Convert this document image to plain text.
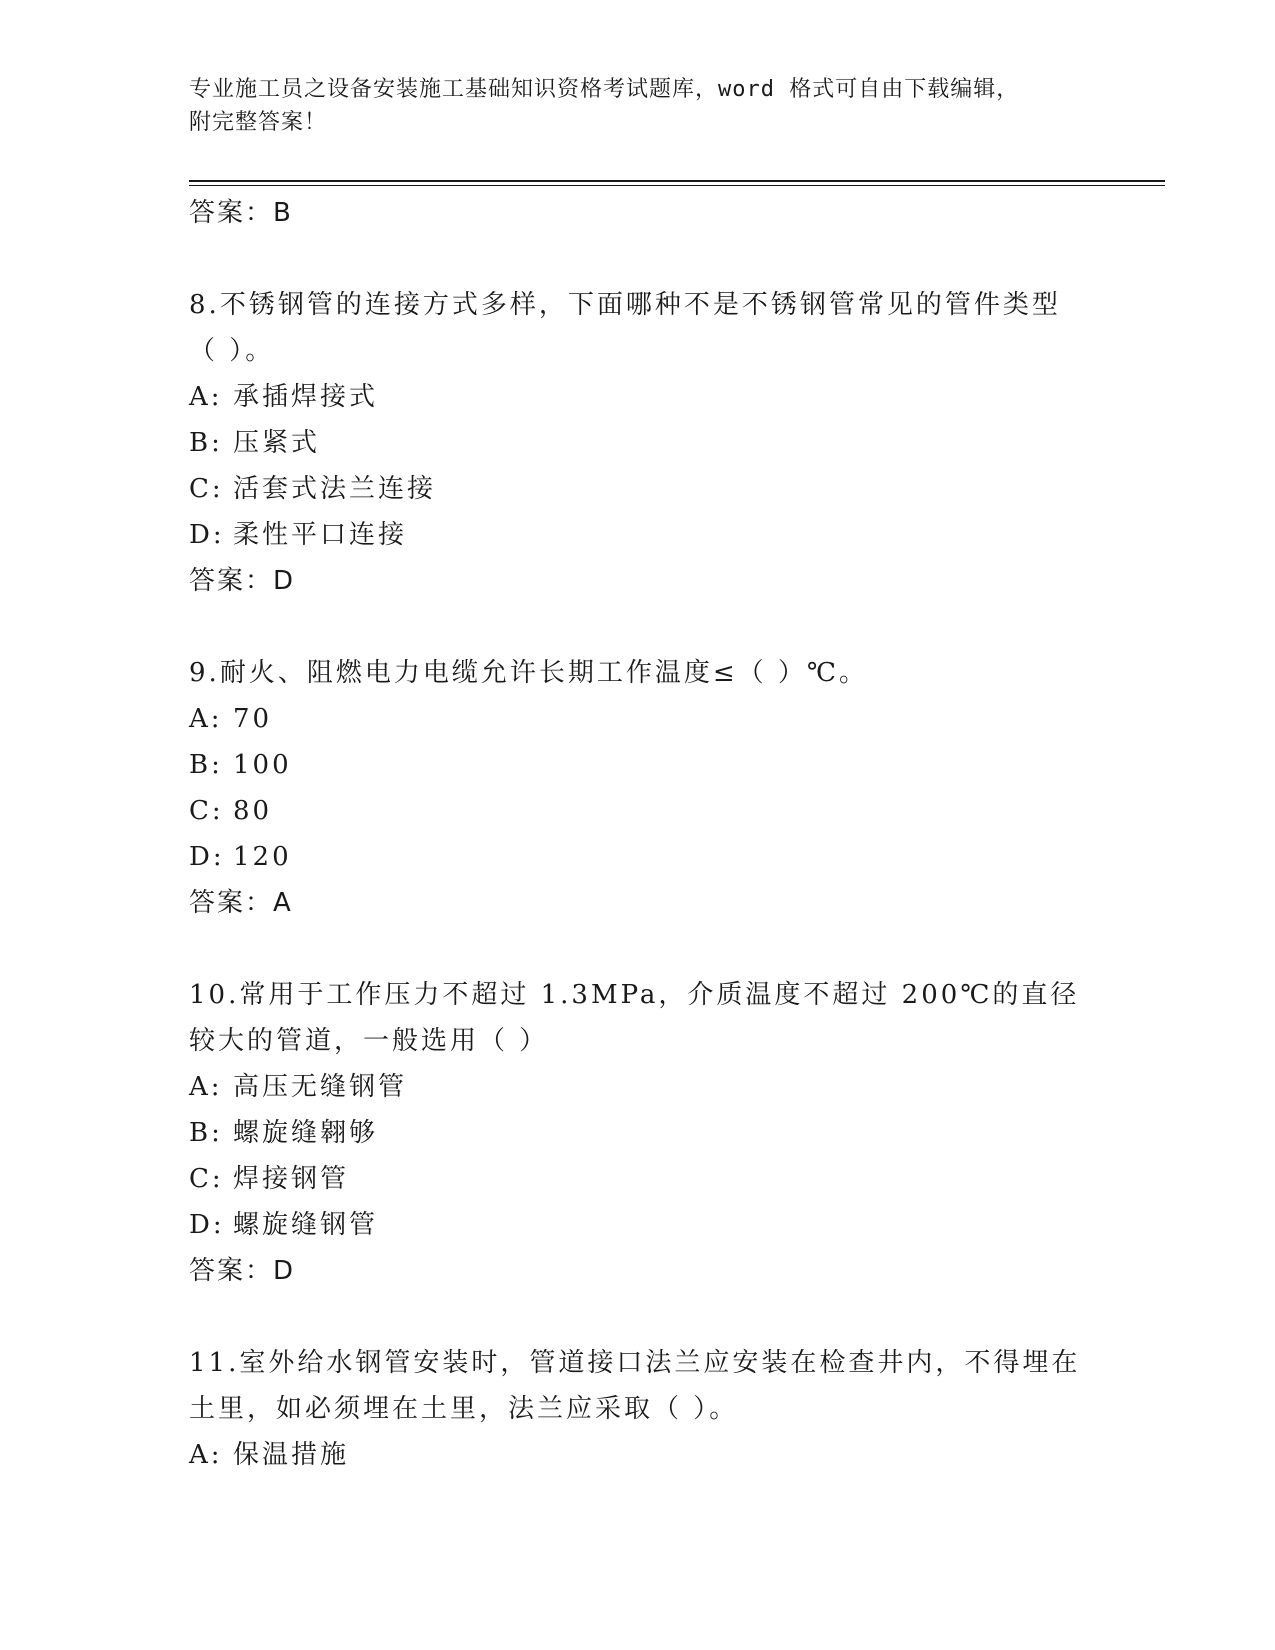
专业施工员之设备安装施工基础知识资格考试题库，word 格式可自由下载编辑，
附完整答案！
答案：B
8.不锈钢管的连接方式多样，下面哪种不是不锈钢管常见的管件类型（ ）。
A: 承插焊接式
B: 压紧式
C: 活套式法兰连接
D: 柔性平口连接
答案：D
9.耐火、阻燃电力电缆允许长期工作温度≤（ ）℃。
A: 70
B: 100
C: 80
D: 120
答案：A
10.常用于工作压力不超过 1.3MPa，介质温度不超过 200℃的直径较大的管道，一般选用（ ）
A: 高压无缝钢管
B: 螺旋缝翱够
C: 焊接钢管
D: 螺旋缝钢管
答案：D
11.室外给水钢管安装时，管道接口法兰应安装在检查井内，不得埋在土里，如必须埋在土里，法兰应采取（ ）。
A: 保温措施
